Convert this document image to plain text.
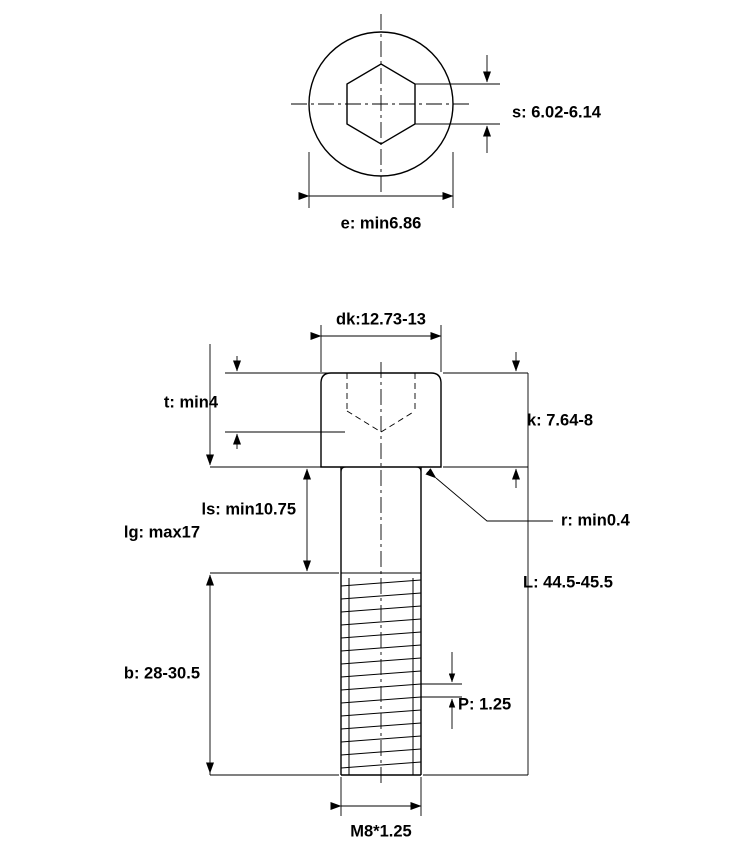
s: 6.02-6.14
e: min6.86
dk:12.73-13
t: min4
k: 7.64-8
r: min0.4
ls: min10.75
lg: max17
L: 44.5-45.5
b: 28-30.5
P: 1.25
M8*1.25
